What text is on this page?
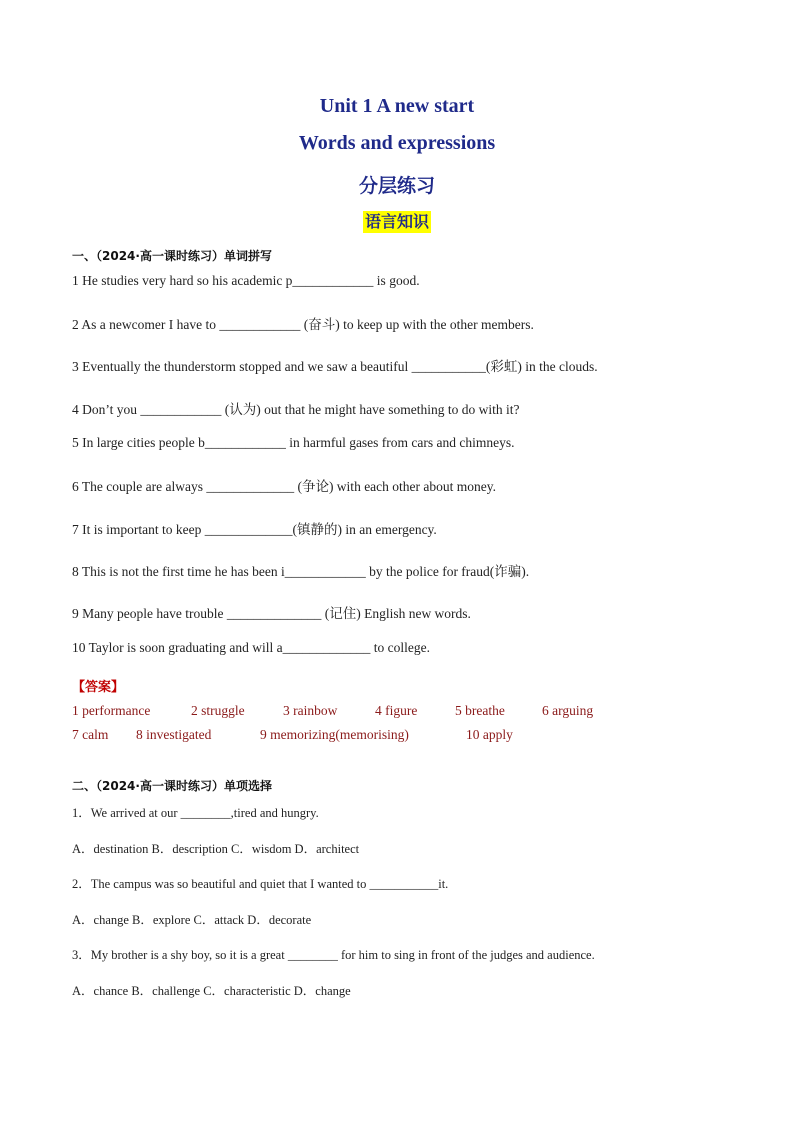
Unit 1 A new start
Words and expressions
分层练习
语言知识
一、（2024·高一课时练习）单词拼写
1 He studies very hard so his academic p____________ is good.
2 As a newcomer I have to ____________ (奋斗) to keep up with the other members.
3 Eventually the thunderstorm stopped and we saw a beautiful ___________(彩虹) in the clouds.
4 Don’t you ____________ (认为) out that he might have something to do with it?
5 In large cities people b____________ in harmful gases from cars and chimneys.
6 The couple are always _____________ (争论) with each other about money.
7 It is important to keep _____________(镇静的) in an emergency.
8 This is not the first time he has been i____________ by the police for fraud(诈骗).
9 Many people have trouble ______________ (记住) English new words.
10 Taylor is soon graduating and will a_____________ to college.
【答案】
1 performance	2 struggle	3 rainbow	4 figure	5 breathe	6 arguing
7 calm 8 investigated	9 memorizing(memorising)	10 apply
二、（2024·高一课时练习）单项选择
1．We arrived at our ________,tired and hungry.
A．destination B．description C．wisdom D．architect
2．The campus was so beautiful and quiet that I wanted to ___________it.
A．change B．explore C．attack D．decorate
3．My brother is a shy boy, so it is a great ________ for him to sing in front of the judges and audience.
A．chance B．challenge C．characteristic D．change
